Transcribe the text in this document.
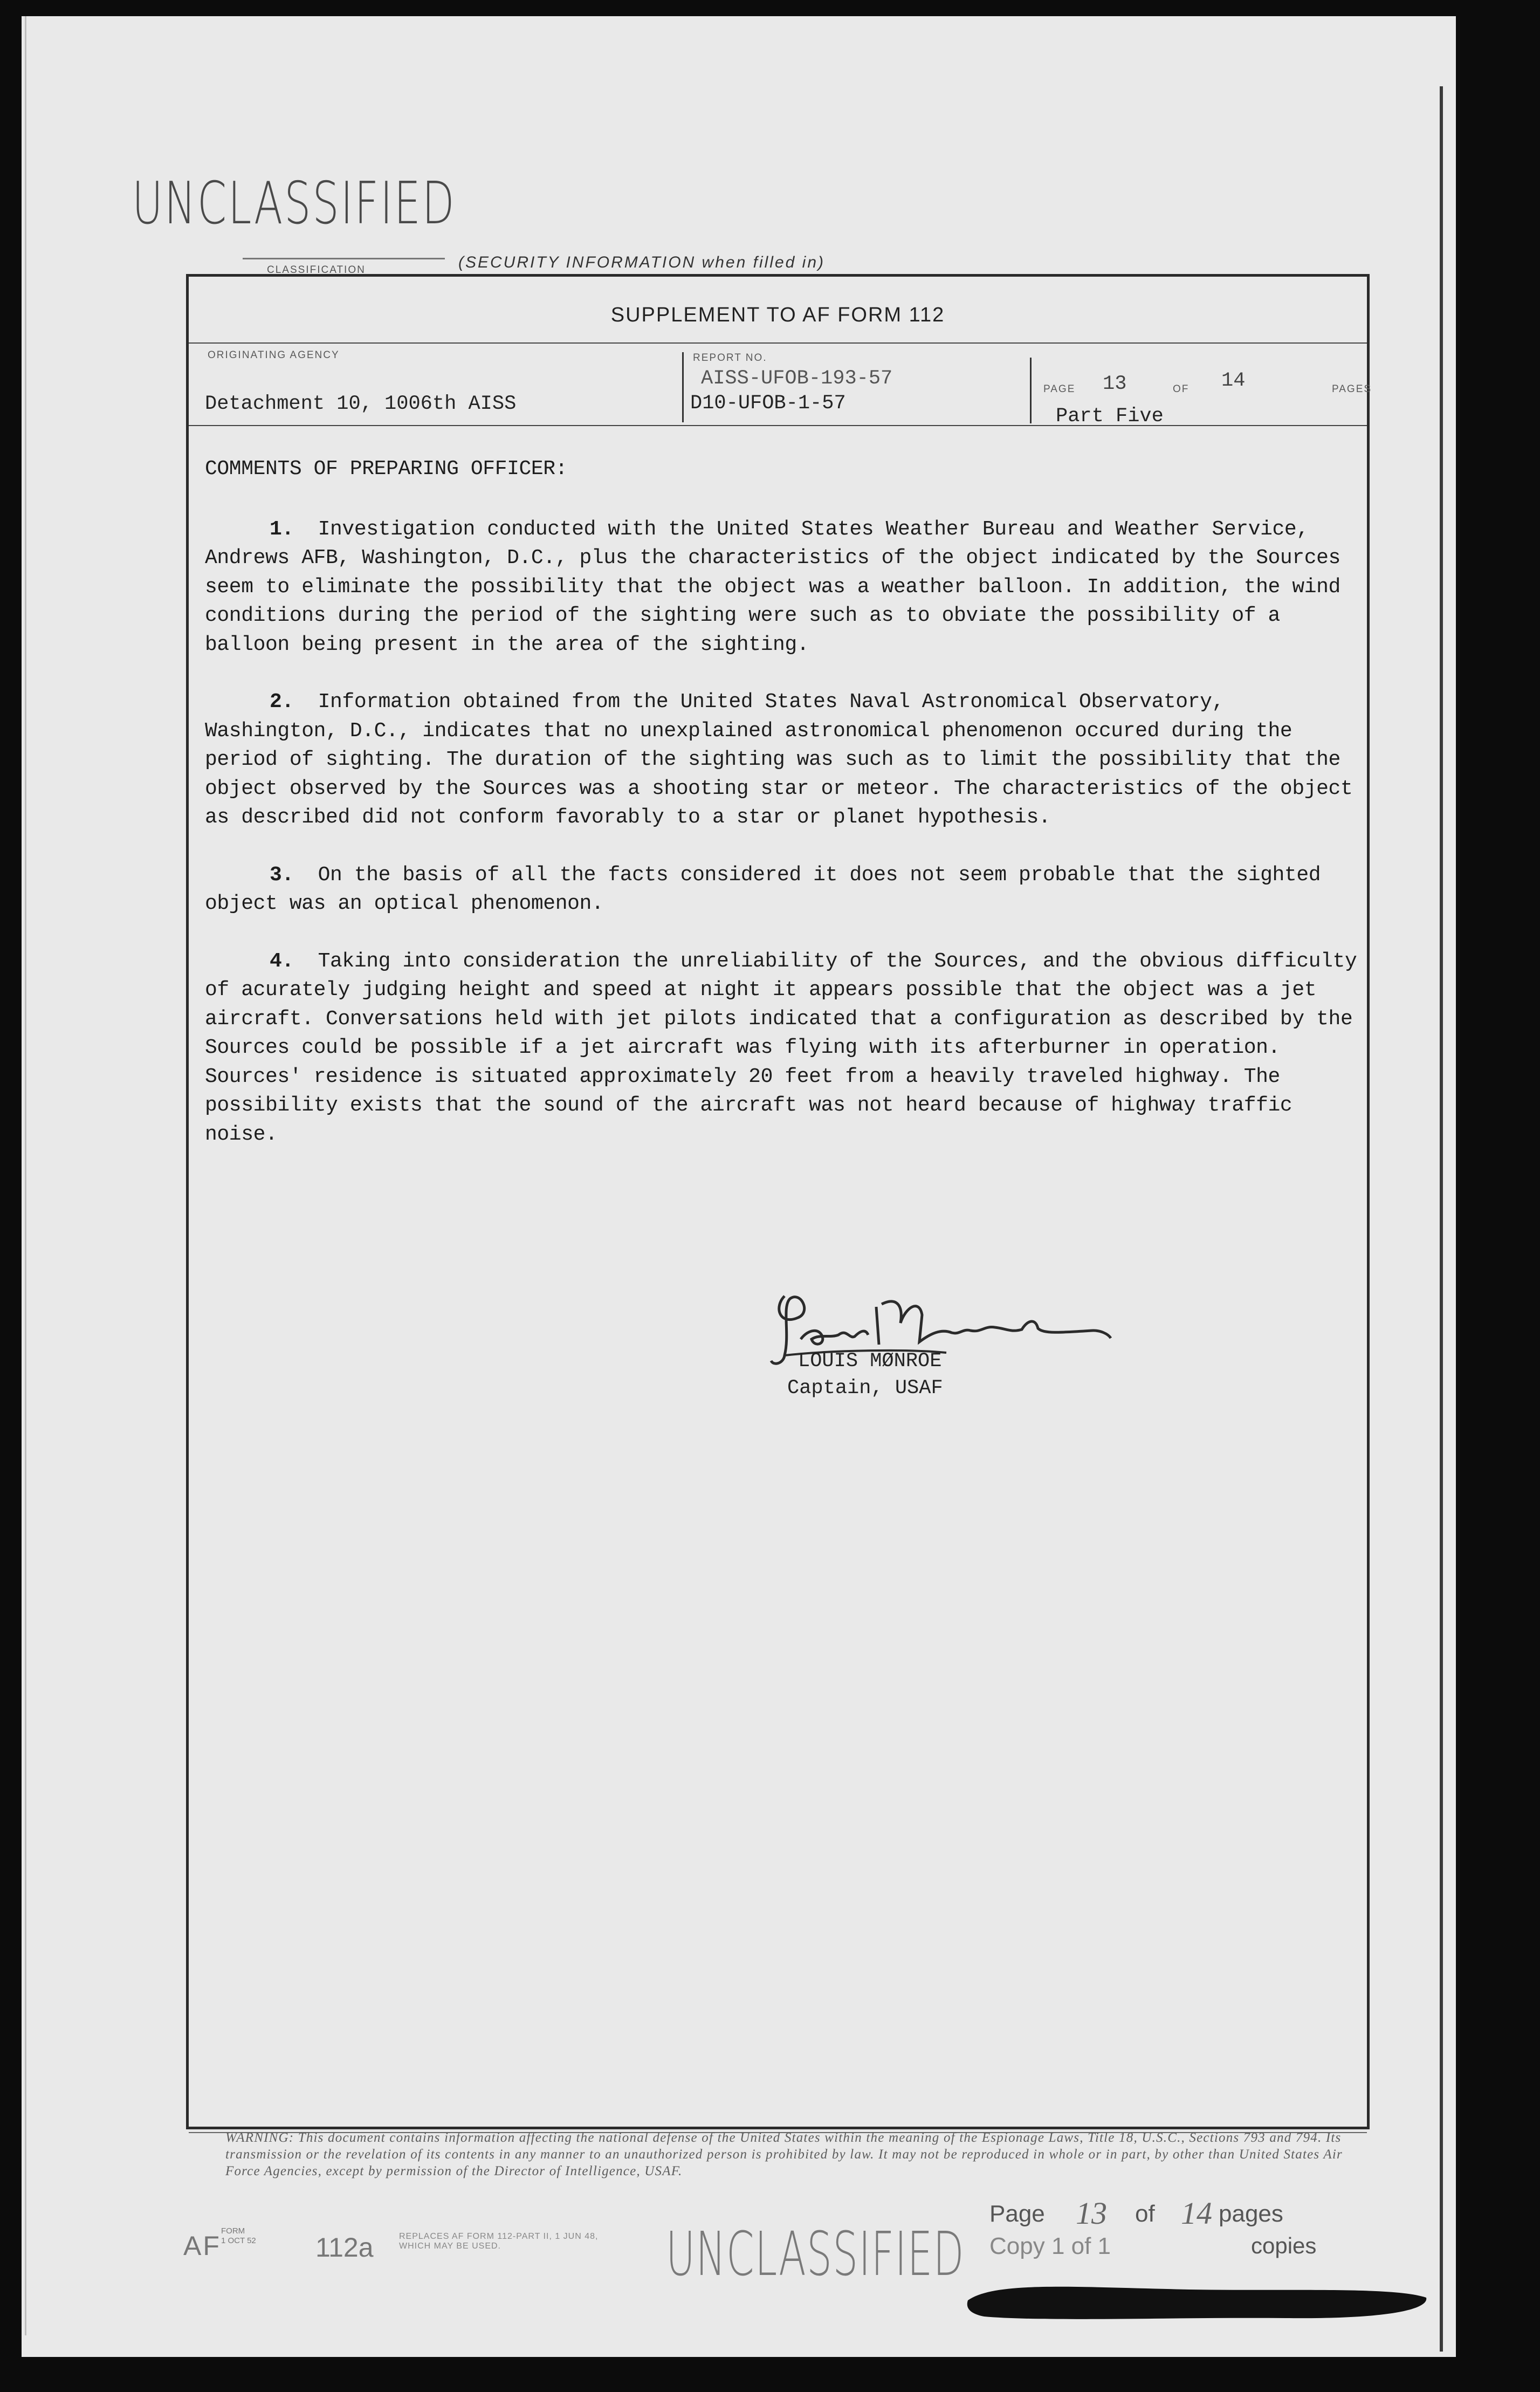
UNCLASSIFIED
CLASSIFICATION	(SECURITY INFORMATION when filled in)
SUPPLEMENT TO AF FORM 112
ORIGINATING AGENCY
Detachment 10, 1006th AISS
REPORT NO.
AISS-UFOB-193-57
D10-UFOB-1-57
PAGE 13	OF 14	PAGES
Part Five
COMMENTS OF PREPARING OFFICER:

1. Investigation conducted with the United States Weather Bureau and Weather Service, Andrews AFB, Washington, D.C., plus the characteristics of the object indicated by the Sources seem to eliminate the possibility that the object was a weather balloon. In addition, the wind conditions during the period of the sighting were such as to obviate the possibility of a balloon being present in the area of the sighting.

2. Information obtained from the United States Naval Astronomical Observatory, Washington, D.C., indicates that no unexplained astronomical phenomenon occured during the period of sighting. The duration of the sighting was such as to limit the possibility that the object observed by the Sources was a shooting star or meteor. The characteristics of the object as described did not conform favorably to a star or planet hypothesis.

3. On the basis of all the facts considered it does not seem probable that the sighted object was an optical phenomenon.

4. Taking into consideration the unreliability of the Sources, and the obvious difficulty of acurately judging height and speed at night it appears possible that the object was a jet aircraft. Conversations held with jet pilots indicated that a configuration as described by the Sources could be possible if a jet aircraft was flying with its afterburner in operation. Sources' residence is situated approximately 20 feet from a heavily traveled highway. The possibility exists that the sound of the aircraft was not heard because of highway traffic noise.

LOUIS MØNROE
Captain, USAF
WARNING: This document contains information affecting the national defense of the United States within the meaning of the Espionage Laws, Title 18, U.S.C., Sections 793 and 794. Its transmission or the revelation of its contents in any manner to an unauthorized person is prohibited by law. It may not be reproduced in whole or in part, by other than United States Air Force Agencies, except by permission of the Director of Intelligence, USAF.
AF FORM
1 OCT 52 112a	REPLACES AF FORM 112-PART II, 1 JUN 48,
WHICH MAY BE USED.	UNCLASSIFIED
Page 13 of 14 pages
Copy 1 of 1	copies
